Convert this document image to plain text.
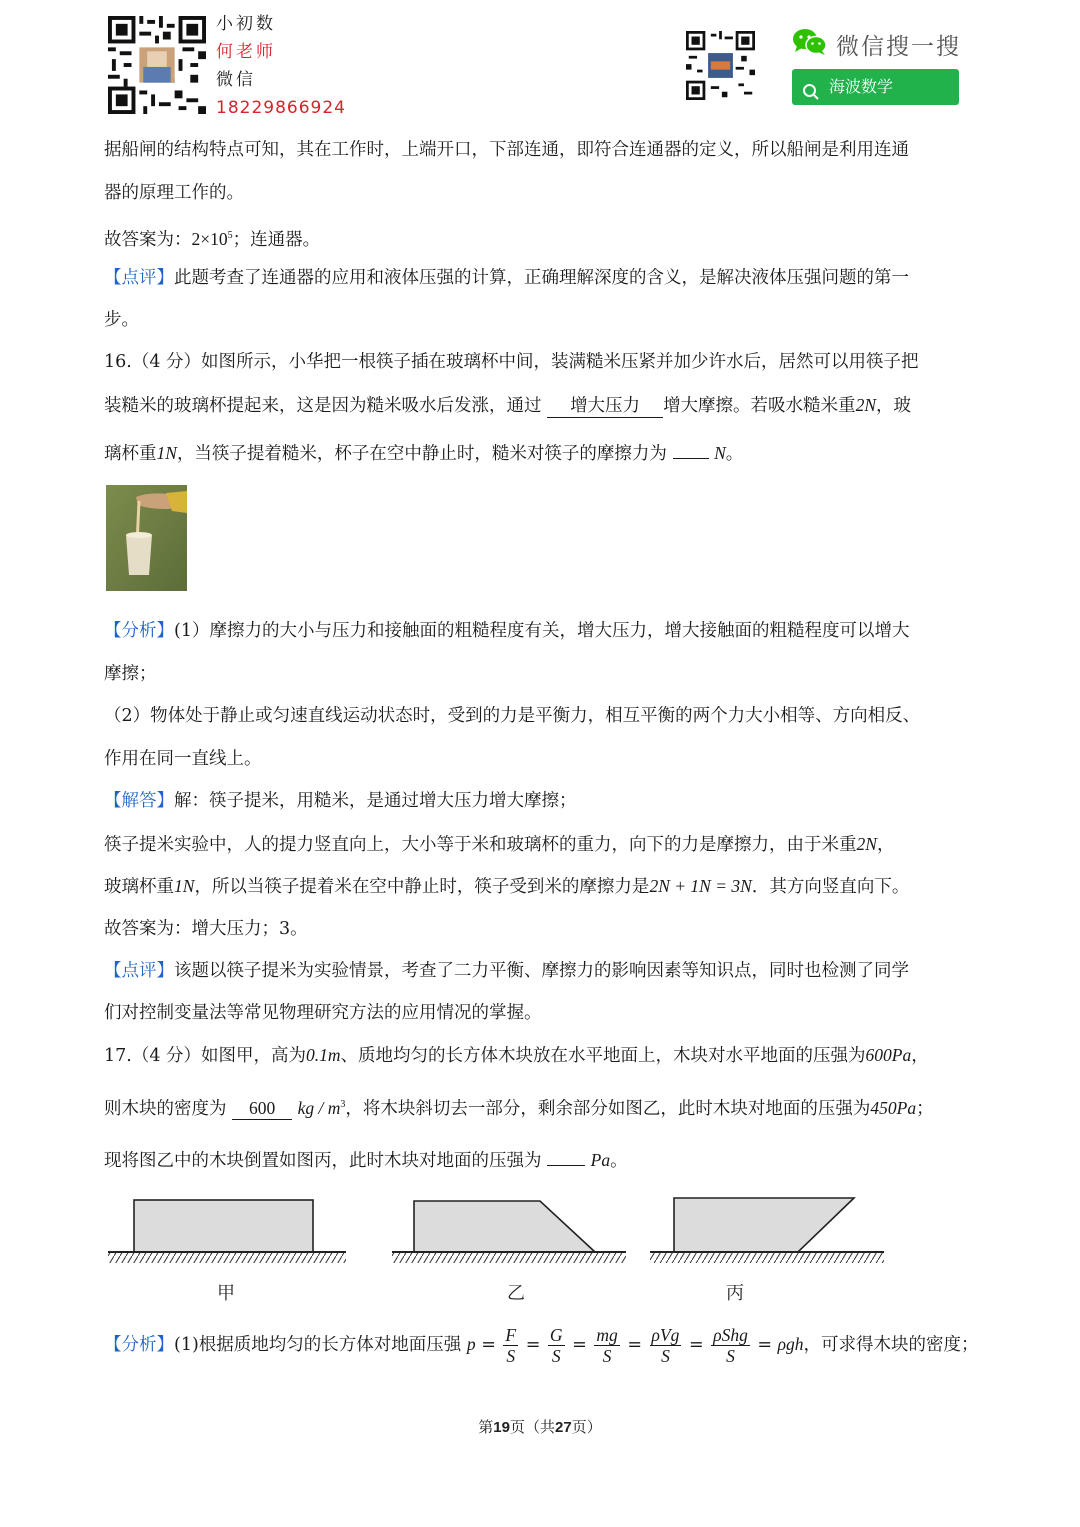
小初数
何老师
微信
18229866924
微信搜一搜
海波数学
据船闸的结构特点可知，其在工作时，上端开口，下部连通，即符合连通器的定义，所以船闸是利用连通
器的原理工作的。
故答案为：$2\times 10^5$；连通器。
【点评】此题考查了连通器的应用和液体压强的计算，正确理解深度的含义，是解决液体压强问题的第一
步。
16.（4 分）如图所示，小华把一根筷子插在玻璃杯中间，装满糙米压紧并加少许水后，居然可以用筷子把
装糙米的玻璃杯提起来，这是因为糙米吸水后发涨，通过 增大压力 增大摩擦。若吸水糙米重2N，玻
璃杯重1N，当筷子提着糙米，杯子在空中静止时，糙米对筷子的摩擦力为  N。
【分析】(1）摩擦力的大小与压力和接触面的粗糙程度有关，增大压力，增大接触面的粗糙程度可以增大
摩擦；
（2）物体处于静止或匀速直线运动状态时，受到的力是平衡力，相互平衡的两个力大小相等、方向相反、
作用在同一直线上。
【解答】解：筷子提米，用糙米，是通过增大压力增大摩擦；
筷子提米实验中，人的提力竖直向上，大小等于米和玻璃杯的重力，向下的力是摩擦力，由于米重2N，
玻璃杯重1N，所以当筷子提着米在空中静止时，筷子受到米的摩擦力是2N + 1N = 3N．其方向竖直向下。
故答案为：增大压力；3。
【点评】该题以筷子提米为实验情景，考查了二力平衡、摩擦力的影响因素等知识点，同时也检测了同学
们对控制变量法等常见物理研究方法的应用情况的掌握。
17.（4 分）如图甲，高为0.1m、质地均匀的长方体木块放在水平地面上，木块对水平地面的压强为600Pa，
则木块的密度为 600 kg / $m^3$，将木块斜切去一部分，剩余部分如图乙，此时木块对地面的压强为450Pa；
现将图乙中的木块倒置如图丙，此时木块对地面的压强为  Pa。
甲	乙	丙
【分析】(1)根据质地均匀的长方体对地面压强 $p = \frac{F}{S} = \frac{G}{S} = \frac{mg}{S} = \frac{\text{ρVg}}{S} = \frac{\text{ρShg}}{S} = \rho gh$，可求得木块的密度；
第19页（共27页）
